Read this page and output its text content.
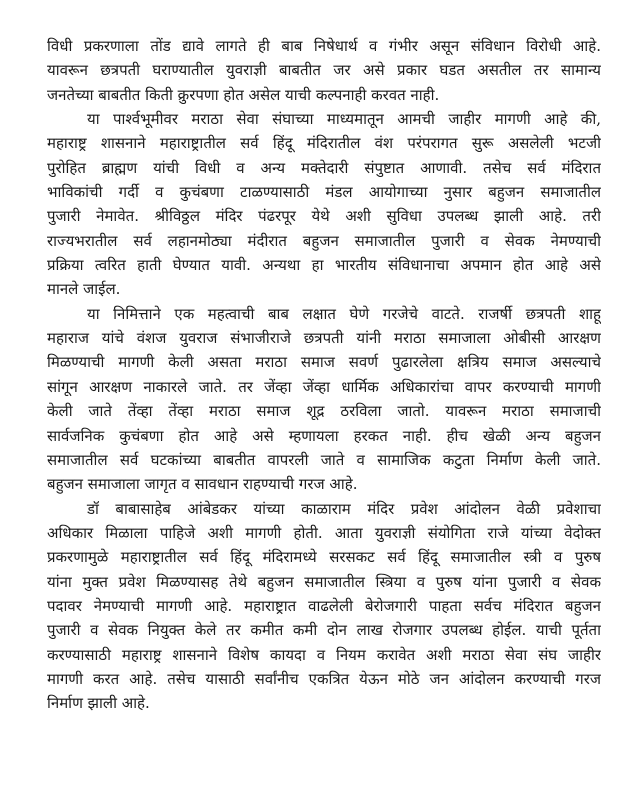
विधी प्रकरणाला तोंड द्यावे लागते ही बाब निषेधार्थ व गंभीर असून संविधान विरोधी आहे.
यावरून छत्रपती घराण्यातील युवराज्ञी बाबतीत जर असे प्रकार घडत असतील तर सामान्य
जनतेच्या बाबतीत किती क्रुरपणा होत असेल याची कल्पनाही करवत नाही.
या पार्श्वभूमीवर मराठा सेवा संघाच्या माध्यमातून आमची जाहीर मागणी आहे की,
महाराष्ट्र शासनाने महाराष्ट्रातील सर्व हिंदू मंदिरातील वंश परंपरागत सुरू असलेली भटजी
पुरोहित ब्राह्मण यांची विधी व अन्य मक्तेदारी संपुष्टात आणावी. तसेच सर्व मंदिरात
भाविकांची गर्दी व कुचंबणा टाळण्यासाठी मंडल आयोगाच्या नुसार बहुजन समाजातील
पुजारी नेमावेत. श्रीविठ्ठल मंदिर पंढरपूर येथे अशी सुविधा उपलब्ध झाली आहे. तरी
राज्यभरातील सर्व लहानमोठ्या मंदीरात बहुजन समाजातील पुजारी व सेवक नेमण्याची
प्रक्रिया त्वरित हाती घेण्यात यावी. अन्यथा हा भारतीय संविधानाचा अपमान होत आहे असे
मानले जाईल.
या निमित्ताने एक महत्वाची बाब लक्षात घेणे गरजेचे वाटते. राजर्षी छत्रपती शाहू
महाराज यांचे वंशज युवराज संभाजीराजे छत्रपती यांनी मराठा समाजाला ओबीसी आरक्षण
मिळण्याची मागणी केली असता मराठा समाज सवर्ण पुढारलेला क्षत्रिय समाज असल्याचे
सांगून आरक्षण नाकारले जाते. तर जेंव्हा जेंव्हा धार्मिक अधिकारांचा वापर करण्याची मागणी
केली जाते तेंव्हा तेंव्हा मराठा समाज शूद्र ठरविला जातो. यावरून मराठा समाजाची
सार्वजनिक कुचंबणा होत आहे असे म्हणायला हरकत नाही. हीच खेळी अन्य बहुजन
समाजातील सर्व घटकांच्या बाबतीत वापरली जाते व सामाजिक कटुता निर्माण केली जाते.
बहुजन समाजाला जागृत व सावधान राहण्याची गरज आहे.
डॉ बाबासाहेब आंबेडकर यांच्या काळाराम मंदिर प्रवेश आंदोलन वेळी प्रवेशाचा
अधिकार मिळाला पाहिजे अशी मागणी होती. आता युवराज्ञी संयोगिता राजे यांच्या वेदोक्त
प्रकरणामुळे महाराष्ट्रातील सर्व हिंदू मंदिरामध्ये सरसकट सर्व हिंदू समाजातील स्त्री व पुरुष
यांना मुक्त प्रवेश मिळण्यासह तेथे बहुजन समाजातील स्त्रिया व पुरुष यांना पुजारी व सेवक
पदावर नेमण्याची मागणी आहे. महाराष्ट्रात वाढलेली बेरोजगारी पाहता सर्वच मंदिरात बहुजन
पुजारी व सेवक नियुक्त केले तर कमीत कमी दोन लाख रोजगार उपलब्ध होईल. याची पूर्तता
करण्यासाठी महाराष्ट्र शासनाने विशेष कायदा व नियम करावेत अशी मराठा सेवा संघ जाहीर
मागणी करत आहे. तसेच यासाठी सर्वांनीच एकत्रित येऊन मोठे जन आंदोलन करण्याची गरज
निर्माण झाली आहे.
